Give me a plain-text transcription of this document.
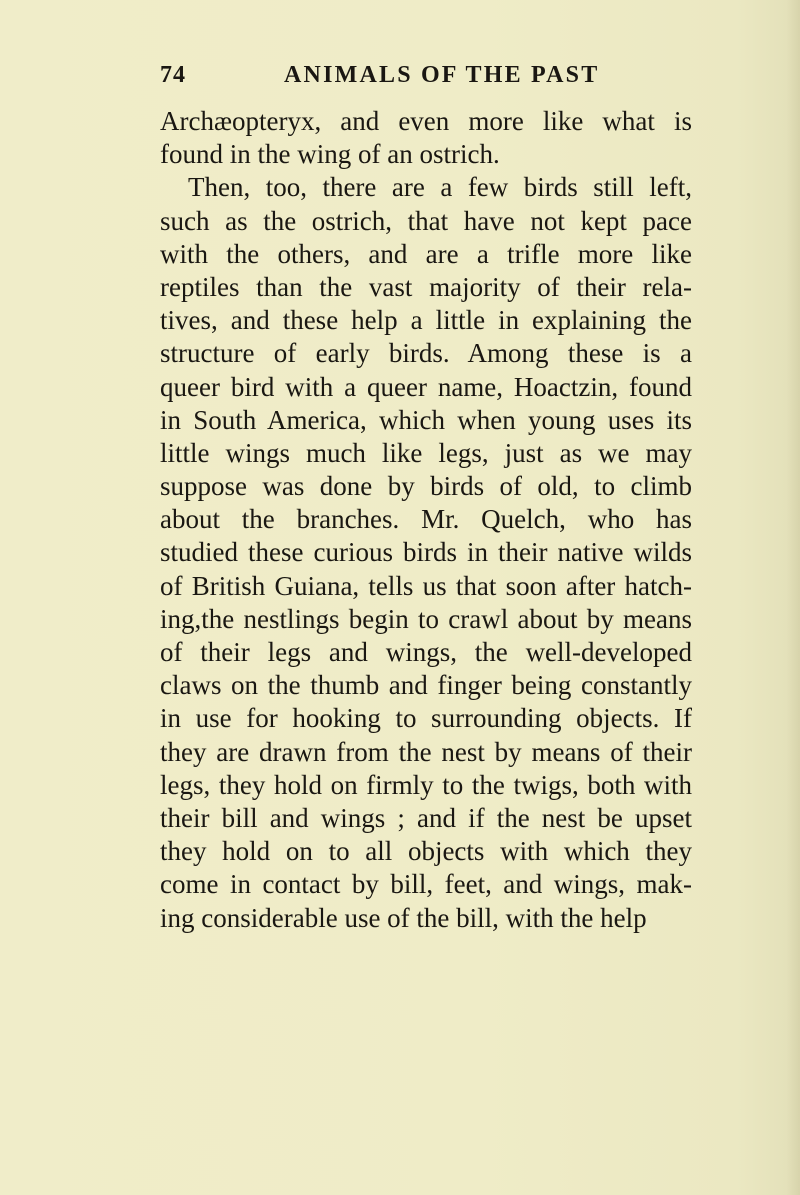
74	ANIMALS OF THE PAST
Archæopteryx, and even more like what is
found in the wing of an ostrich.
Then, too, there are a few birds still left,
such as the ostrich, that have not kept pace
with the others, and are a trifle more like
reptiles than the vast majority of their rela-
tives, and these help a little in explaining the
structure of early birds. Among these is a
queer bird with a queer name, Hoactzin, found
in South America, which when young uses its
little wings much like legs, just as we may
suppose was done by birds of old, to climb
about the branches. Mr. Quelch, who has
studied these curious birds in their native wilds
of British Guiana, tells us that soon after hatch-
ing,the nestlings begin to crawl about by means
of their legs and wings, the well-developed
claws on the thumb and finger being constantly
in use for hooking to surrounding objects. If
they are drawn from the nest by means of their
legs, they hold on firmly to the twigs, both with
their bill and wings ; and if the nest be upset
they hold on to all objects with which they
come in contact by bill, feet, and wings, mak-
ing considerable use of the bill, with the help
